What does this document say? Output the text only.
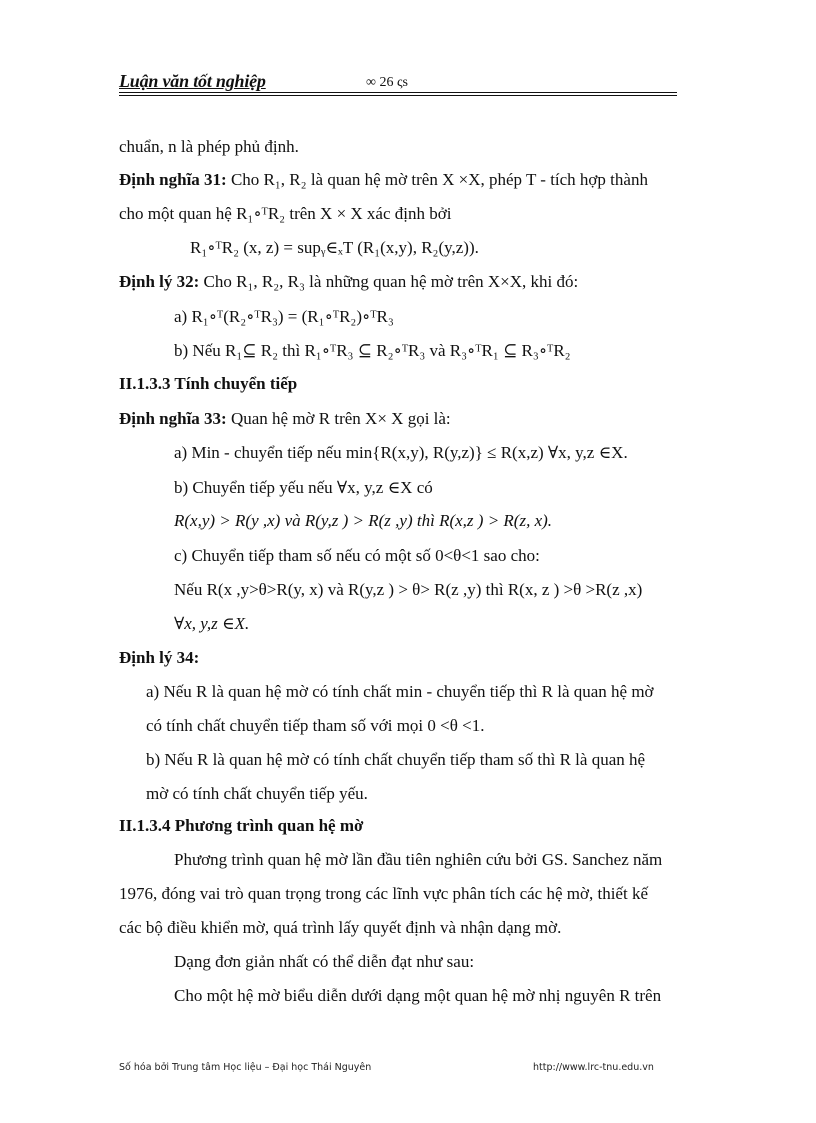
Luận văn tốt nghiệp	∞ 26 ςs
chuẩn, n là phép phủ định.
Định nghĩa 31: Cho R₁, R₂ là quan hệ mờ trên X ×X, phép T - tích hợp thành
cho một quan hệ R₁∘ᵀR₂ trên X × X xác định bởi
R₁∘ᵀR₂ (x, z) = supᵧ∈ₓT (R₁(x,y), R₂(y,z)).
Định lý 32: Cho R₁, R₂, R₃ là những quan hệ mờ trên X×X, khi đó:
a) R₁∘ᵀ(R₂∘ᵀR₃) = (R₁∘ᵀR₂)∘ᵀR₃
b) Nếu R₁⊆ R₂ thì R₁∘ᵀR₃ ⊆ R₂∘ᵀR₃ và R₃∘ᵀR₁ ⊆ R₃∘ᵀR₂
II.1.3.3 Tính chuyển tiếp
Định nghĩa 33: Quan hệ mờ R trên X× X gọi là:
a) Min - chuyển tiếp nếu min{R(x,y), R(y,z)} ≤ R(x,z) ∀x, y,z ∈X.
b) Chuyển tiếp yếu nếu ∀x, y,z ∈X có
R(x,y) > R(y ,x) và R(y,z ) > R(z ,y) thì R(x,z ) > R(z, x).
c) Chuyển tiếp tham số nếu có một số 0<θ<1 sao cho:
Nếu R(x ,y>θ>R(y, x) và R(y,z ) > θ> R(z ,y) thì R(x, z ) >θ >R(z ,x)
∀x, y,z ∈X.
Định lý 34:
a) Nếu R là quan hệ mờ có tính chất min - chuyển tiếp thì R là quan hệ mờ
có tính chất chuyển tiếp tham số với mọi 0 <θ <1.
b) Nếu R là quan hệ mờ có tính chất chuyển tiếp tham số thì R là quan hệ
mờ có tính chất chuyển tiếp yếu.
II.1.3.4 Phương trình quan hệ mờ
Phương trình quan hệ mờ lần đầu tiên nghiên cứu bởi GS. Sanchez năm
1976, đóng vai trò quan trọng trong các lĩnh vực phân tích các hệ mờ, thiết kế
các bộ điều khiển mờ, quá trình lấy quyết định và nhận dạng mờ.
Dạng đơn giản nhất có thể diễn đạt như sau:
Cho một hệ mờ biểu diễn dưới dạng một quan hệ mờ nhị nguyên R trên
Số hóa bởi Trung tâm Học liệu – Đại học Thái Nguyên	http://www.lrc-tnu.edu.vn
